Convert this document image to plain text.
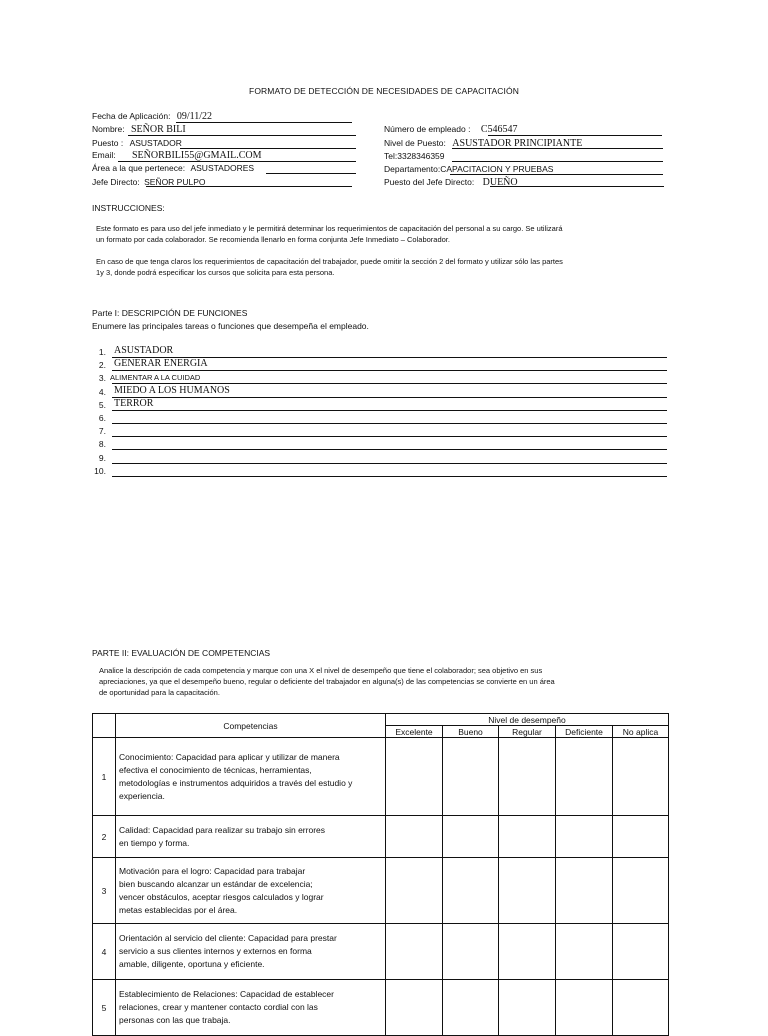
FORMATO DE DETECCIÓN DE NECESIDADES DE CAPACITACIÓN
Fecha de Aplicación: 09/11/22
Nombre: SEÑOR BILI
Puesto : ASUSTADOR
Email: SEÑORBILI55@GMAIL.COM
Área a la que pertenece: ASUSTADORES
Jefe Directo: SEÑOR PULPO
Número de empleado : C546547
Nivel de Puesto: ASUSTADOR PRINCIPIANTE
Tel:3328346359
Departamento:CAPACITACION Y PRUEBAS
Puesto del Jefe Directo: DUEÑO
INSTRUCCIONES:
Este formato es para uso del jefe inmediato y le permitirá determinar los requerimientos de capacitación del personal a su cargo. Se utilizará
un formato por cada colaborador. Se recomienda llenarlo en forma conjunta Jefe Inmediato – Colaborador.
En caso de que tenga claros los requerimientos de capacitación del trabajador, puede omitir la sección 2 del formato y utilizar sólo las partes
1y 3, donde podrá especificar los cursos que solicita para esta persona.
Parte I: DESCRIPCIÓN DE FUNCIONES
Enumere las principales tareas o funciones que desempeña el empleado.
1. ASUSTADOR
2. GENERAR ENERGIA
3. ALIMENTAR A LA CUIDAD
4. MIEDO A LOS HUMANOS
5. TERROR
6.
7.
8.
9.
10.
PARTE II: EVALUACIÓN DE COMPETENCIAS
Analice la descripción de cada competencia y marque con una X el nivel de desempeño que tiene el colaborador; sea objetivo en sus
apreciaciones, ya que el desempeño bueno, regular o deficiente del trabajador en alguna(s) de las competencias se convierte en un área
de oportunidad para la capacitación.
	Competencias	Nivel de desempeño				
		Excelente	Bueno	Regular	Deficiente	No aplica
1	Conocimiento: Capacidad para aplicar y utilizar de manera
efectiva el conocimiento de técnicas, herramientas,
metodologías e instrumentos adquiridos a través del estudio y
experiencia.					

2	Calidad: Capacidad para realizar su trabajo sin errores
en tiempo y forma.					

3	Motivación para el logro: Capacidad para trabajar
bien buscando alcanzar un estándar de excelencia;
vencer obstáculos, aceptar riesgos calculados y lograr
metas establecidas por el área.					

4	Orientación al servicio del cliente: Capacidad para prestar
servicio a sus clientes internos y externos en forma
amable, diligente, oportuna y eficiente.					

5	Establecimiento de Relaciones: Capacidad de establecer
relaciones, crear y mantener contacto cordial con las
personas con las que trabaja.					
